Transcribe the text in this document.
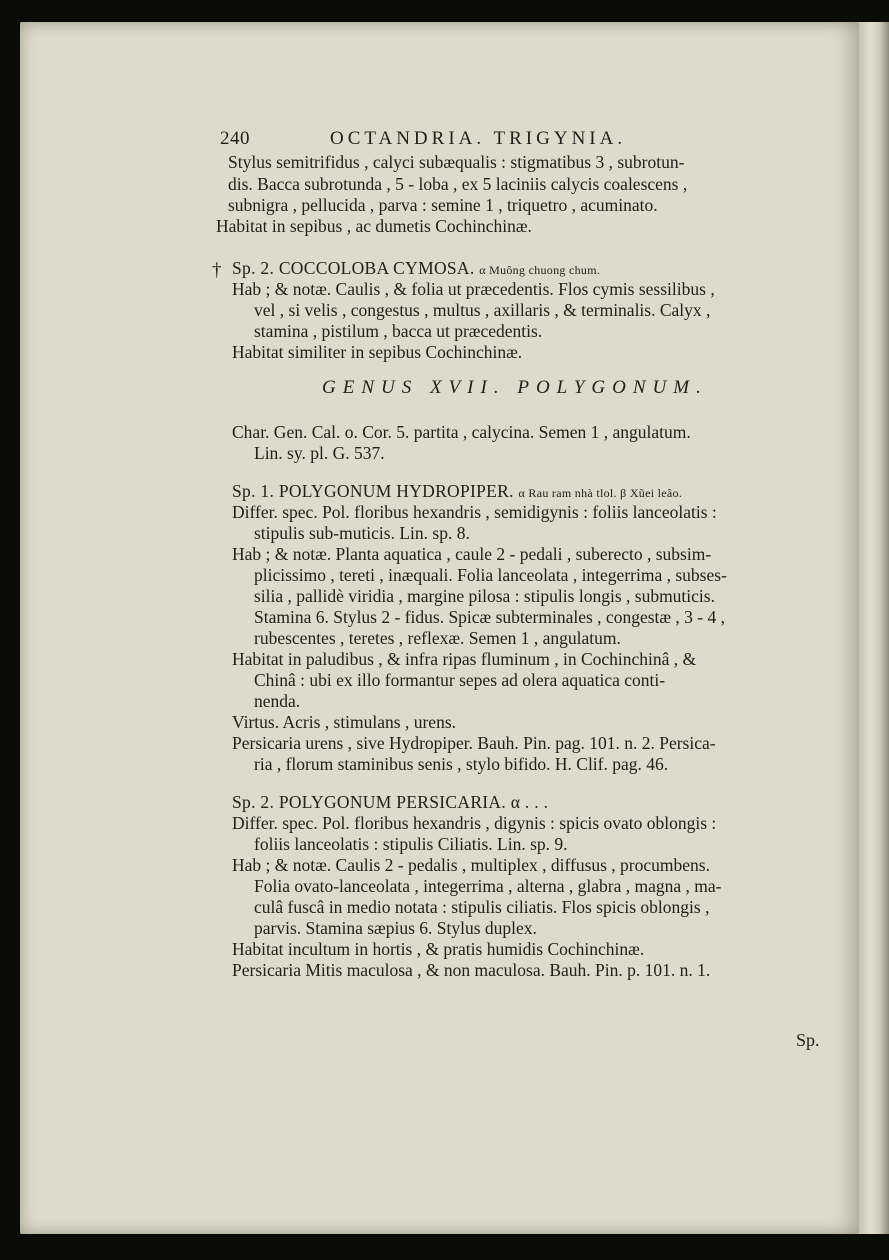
240	OCTANDRIA. TRIGYNIA.
†
Stylus semitrifidus , calyci subæqualis : stigmatibus 3 , subrotun-
dis. Bacca subrotunda , 5 - loba , ex 5 laciniis calycis coalescens ,
subnigra , pellucida , parva : semine 1 , triquetro , acuminato.
Habitat in sepibus , ac dumetis Cochinchinæ.
Sp. 2. COCCOLOBA CYMOSA. α Muông chuong chum.
Hab ; & notæ. Caulis , & folia ut præcedentis. Flos cymis sessilibus ,
vel , si velis , congestus , multus , axillaris , & terminalis. Calyx ,
stamina , pistilum , bacca ut præcedentis.
Habitat similiter in sepibus Cochinchinæ.
GENUS XVII. POLYGONUM.
Char. Gen. Cal. o. Cor. 5. partita , calycina. Semen 1 , angulatum.
Lin. sy. pl. G. 537.
Sp. 1. POLYGONUM HYDROPIPER. α Rau ram nhà tlol. β Xũei leâo.
Differ. spec. Pol. floribus hexandris , semidigynis : foliis lanceolatis :
stipulis sub-muticis. Lin. sp. 8.
Hab ; & notæ. Planta aquatica , caule 2 - pedali , suberecto , subsim-
plicissimo , tereti , inæquali. Folia lanceolata , integerrima , subses-
silia , pallidè viridia , margine pilosa : stipulis longis , submuticis.
Stamina 6. Stylus 2 - fidus. Spicæ subterminales , congestæ , 3 - 4 ,
rubescentes , teretes , reflexæ. Semen 1 , angulatum.
Habitat in paludibus , & infra ripas fluminum , in Cochinchinâ , &
Chinâ : ubi ex illo formantur sepes ad olera aquatica conti-
nenda.
Virtus. Acris , stimulans , urens.
Persicaria urens , sive Hydropiper. Bauh. Pin. pag. 101. n. 2. Persica-
ria , florum staminibus senis , stylo bifido. H. Clif. pag. 46.
Sp. 2. POLYGONUM PERSICARIA. α . . .
Differ. spec. Pol. floribus hexandris , digynis : spicis ovato oblongis :
foliis lanceolatis : stipulis Ciliatis. Lin. sp. 9.
Hab ; & notæ. Caulis 2 - pedalis , multiplex , diffusus , procumbens.
Folia ovato-lanceolata , integerrima , alterna , glabra , magna , ma-
culâ fuscâ in medio notata : stipulis ciliatis. Flos spicis oblongis ,
parvis. Stamina sæpius 6. Stylus duplex.
Habitat incultum in hortis , & pratis humidis Cochinchinæ.
Persicaria Mitis maculosa , & non maculosa. Bauh. Pin. p. 101. n. 1.
Sp.
